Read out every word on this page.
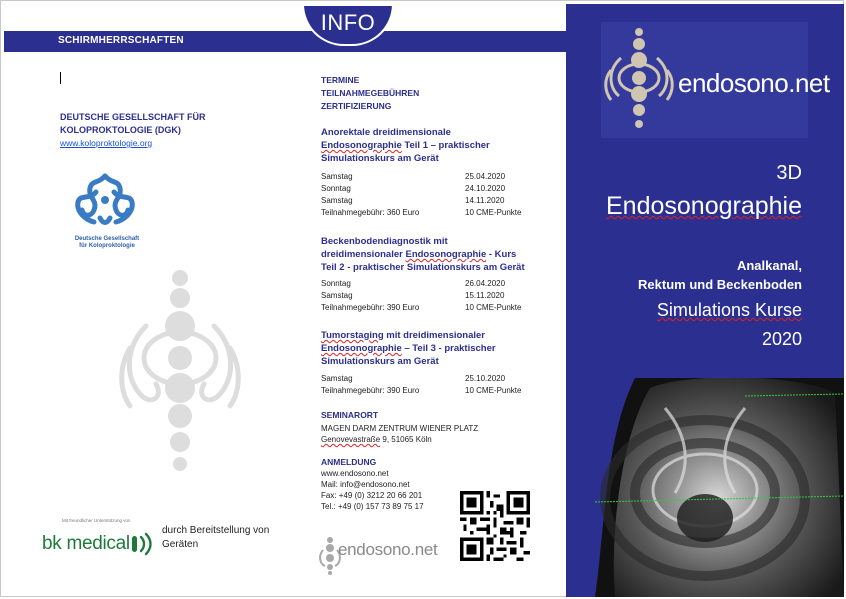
SCHIRMHERRSCHAFTEN
INFO
DEUTSCHE GESELLSCHAFT FÜR KOLOPROKTOLOGIE (DGK)
www.koloproktologie.org
Deutsche Gesellschaft
für Koloproktologie
Mit freundlicher Unterstützung von
bk medical
durch Bereitstellung von Geräten
TERMINE
TEILNAHMEGEBÜHREN
ZERTIFIZIERUNG
Anorektale dreidimensionale
Endosonographie Teil 1 – praktischer
Simulationskurs am Gerät
Samstag	25.04.2020
Sonntag	24.10.2020
Samstag	14.11.2020
Teilnahmegebühr: 360 Euro	10 CME-Punkte
Beckenbodendiagnostik mit
dreidimensionaler Endosonographie - Kurs
Teil 2 - praktischer Simulationskurs am Gerät
Sonntag	26.04.2020
Samstag	15.11.2020
Teilnahmegebühr: 390 Euro	10 CME-Punkte
Tumorstaging mit dreidimensionaler
Endosonographie – Teil 3 - praktischer
Simulationskurs am Gerät
Samstag	25.10.2020
Teilnahmegebühr: 390 Euro	10 CME-Punkte
SEMINARORT
MAGEN DARM ZENTRUM WIENER PLATZ
Genovevastraße 9, 51065 Köln
ANMELDUNG
www.endosono.net
Mail: info@endosono.net
Fax: +49 (0) 3212 20 66 201
Tel.: +49 (0) 157 73 89 75 17
endosono.net
endosono.net
3D
Endosonographie
Analkanal,
Rektum und Beckenboden
Simulations Kurse
2020
